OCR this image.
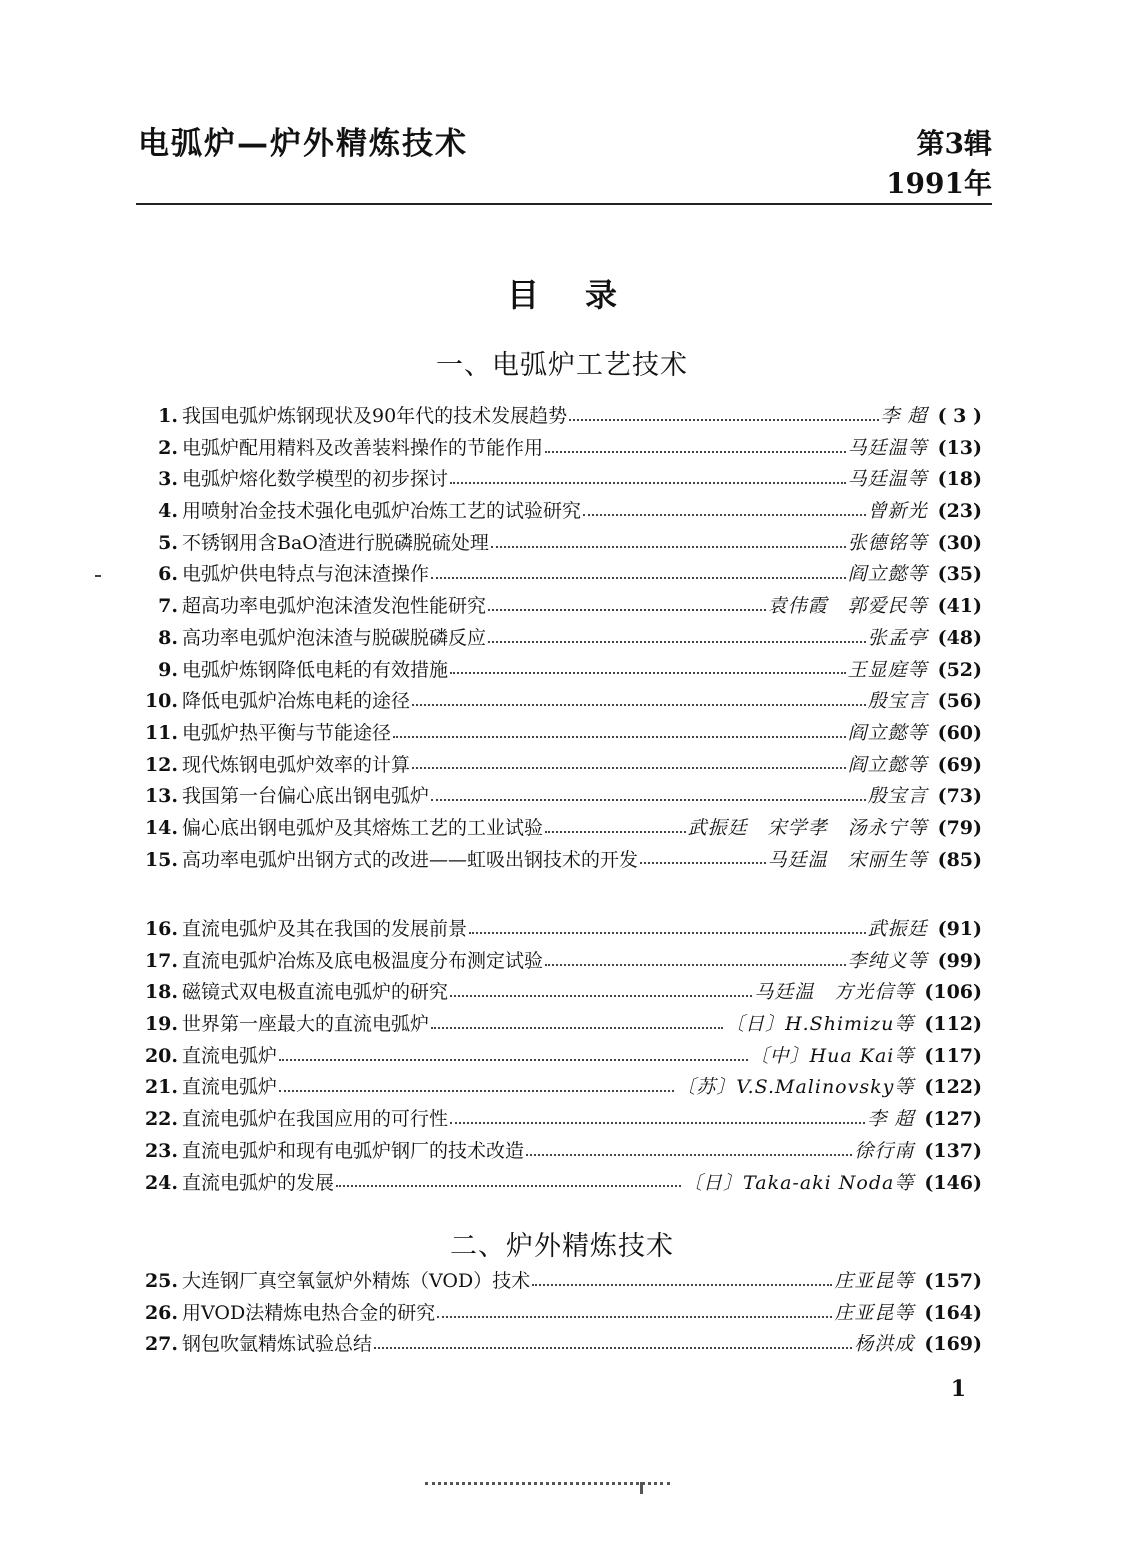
电弧炉—炉外精炼技术	第3辑
1991年
目录
一、电弧炉工艺技术
1. 我国电弧炉炼钢现状及90年代的技术发展趋势	李 超 ( 3 )
2. 电弧炉配用精料及改善装料操作的节能作用	马廷温等 (13)
3. 电弧炉熔化数学模型的初步探讨	马廷温等 (18)
4. 用喷射冶金技术强化电弧炉冶炼工艺的试验研究	曾新光 (23)
5. 不锈钢用含BaO渣进行脱磷脱硫处理	张德铭等 (30)
6. 电弧炉供电特点与泡沫渣操作	阎立懿等 (35)
7. 超高功率电弧炉泡沫渣发泡性能研究	袁伟霞　郭爱民等 (41)
8. 高功率电弧炉泡沫渣与脱碳脱磷反应	张孟亭 (48)
9. 电弧炉炼钢降低电耗的有效措施	王显庭等 (52)
10. 降低电弧炉冶炼电耗的途径	殷宝言 (56)
11. 电弧炉热平衡与节能途径	阎立懿等 (60)
12. 现代炼钢电弧炉效率的计算	阎立懿等 (69)
13. 我国第一台偏心底出钢电弧炉	殷宝言 (73)
14. 偏心底出钢电弧炉及其熔炼工艺的工业试验	武振廷　宋学孝　汤永宁等 (79)
15. 高功率电弧炉出钢方式的改进——虹吸出钢技术的开发	马廷温　宋丽生等 (85)
16. 直流电弧炉及其在我国的发展前景	武振廷 (91)
17. 直流电弧炉冶炼及底电极温度分布测定试验	李纯义等 (99)
18. 磁镜式双电极直流电弧炉的研究	马廷温　方光信等 (106)
19. 世界第一座最大的直流电弧炉	〔日〕H.Shimizu等 (112)
20. 直流电弧炉	〔中〕Hua Kai等 (117)
21. 直流电弧炉	〔苏〕V.S.Malinovsky等 (122)
22. 直流电弧炉在我国应用的可行性	李 超 (127)
23. 直流电弧炉和现有电弧炉钢厂的技术改造	徐行南 (137)
24. 直流电弧炉的发展	〔日〕Taka-aki Noda等 (146)
二、炉外精炼技术
25. 大连钢厂真空氧氩炉外精炼（VOD）技术	庄亚昆等 (157)
26. 用VOD法精炼电热合金的研究	庄亚昆等 (164)
27. 钢包吹氩精炼试验总结	杨洪成 (169)
1
